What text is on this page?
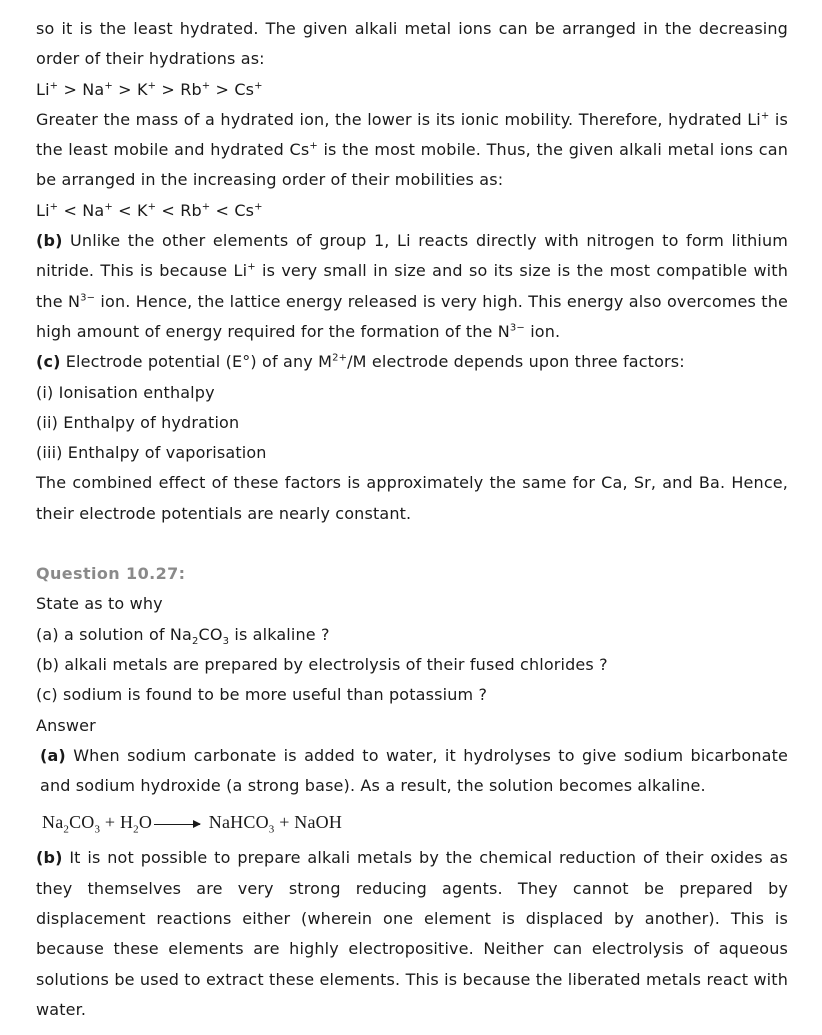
so it is the least hydrated. The given alkali metal ions can be arranged in the decreasing order of their hydrations as:

Li+ > Na+ > K+ > Rb+ > Cs+

Greater the mass of a hydrated ion, the lower is its ionic mobility. Therefore, hydrated Li+ is the least mobile and hydrated Cs+ is the most mobile. Thus, the given alkali metal ions can be arranged in the increasing order of their mobilities as:

Li+ < Na+ < K+ < Rb+ < Cs+

(b) Unlike the other elements of group 1, Li reacts directly with nitrogen to form lithium nitride. This is because Li+ is very small in size and so its size is the most compatible with the $N^{3-}$ ion. Hence, the lattice energy released is very high. This energy also overcomes the high amount of energy required for the formation of the $N^{3-}$ ion.

(c) Electrode potential (E°) of any $M^{2+}/M$ electrode depends upon three factors:

(i) Ionisation enthalpy

(ii) Enthalpy of hydration

(iii) Enthalpy of vaporisation

The combined effect of these factors is approximately the same for Ca, Sr, and Ba. Hence, their electrode potentials are nearly constant.

Question 10.27:

State as to why

(a) a solution of $Na_2CO_3$ is alkaline ?

(b) alkali metals are prepared by electrolysis of their fused chlorides ?

(c) sodium is found to be more useful than potassium ?

Answer

(a) When sodium carbonate is added to water, it hydrolyses to give sodium bicarbonate and sodium hydroxide (a strong base). As a result, the solution becomes alkaline.

$Na_2CO_3 + H_2O$ → NaHCO$_3$ + NaOH

(b) It is not possible to prepare alkali metals by the chemical reduction of their oxides as they themselves are very strong reducing agents. They cannot be prepared by displacement reactions either (wherein one element is displaced by another). This is because these elements are highly electropositive. Neither can electrolysis of aqueous solutions be used to extract these elements. This is because the liberated metals react with water.
